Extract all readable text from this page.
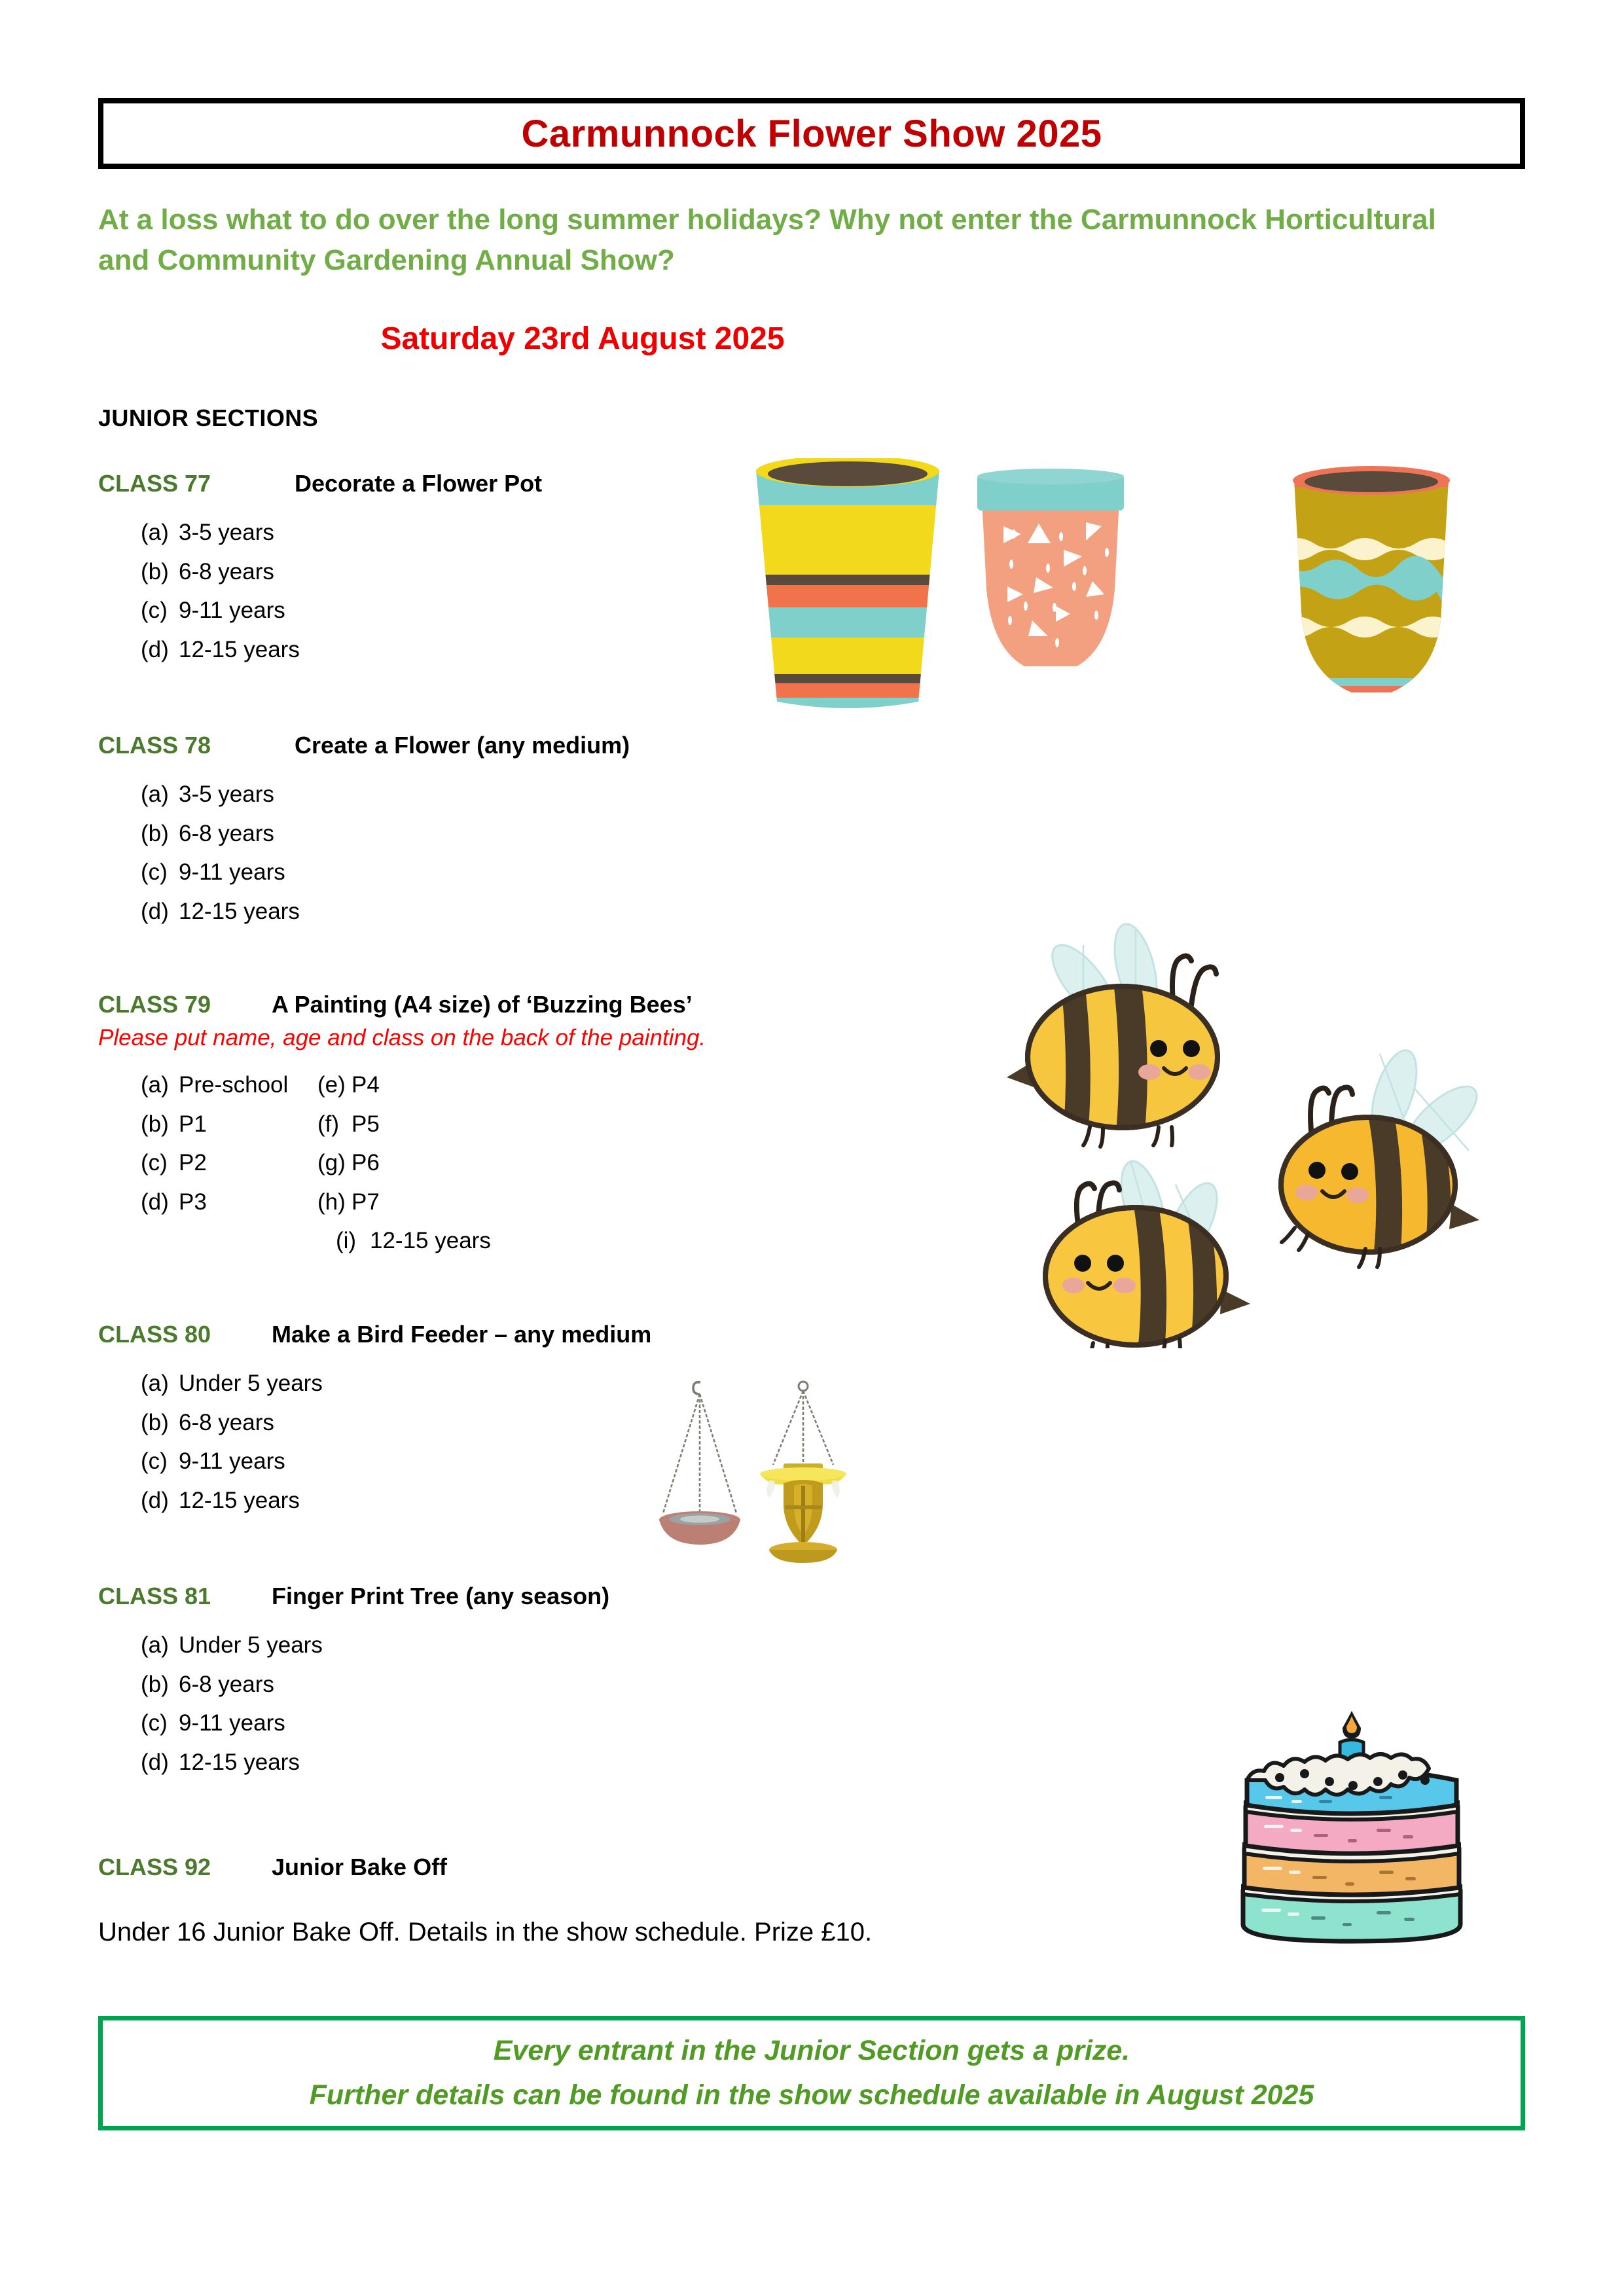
Carmunnock Flower Show 2025
At a loss what to do over the long summer holidays? Why not enter the Carmunnock Horticultural and Community Gardening Annual Show?
Saturday 23rd August 2025
JUNIOR SECTIONS
CLASS 77	Decorate a Flower Pot
(a) 3-5 years
(b) 6-8 years
(c) 9-11 years
(d) 12-15 years
CLASS 78	Create a Flower (any medium)
(a) 3-5 years
(b) 6-8 years
(c) 9-11 years
(d) 12-15 years
CLASS 79	A Painting (A4 size) of ‘Buzzing Bees’
Please put name, age and class on the back of the painting.
(a) Pre-school
(b) P1
(c) P2
(d) P3
(e) P4
(f) P5
(g) P6
(h) P7
(i) 12-15 years
CLASS 80	Make a Bird Feeder – any medium
(a) Under 5 years
(b) 6-8 years
(c) 9-11 years
(d) 12-15 years
CLASS 81	Finger Print Tree (any season)
(a) Under 5 years
(b) 6-8 years
(c) 9-11 years
(d) 12-15 years
CLASS 92	Junior Bake Off
Under 16 Junior Bake Off. Details in the show schedule. Prize £10.
Every entrant in the Junior Section gets a prize.
Further details can be found in the show schedule available in August 2025
